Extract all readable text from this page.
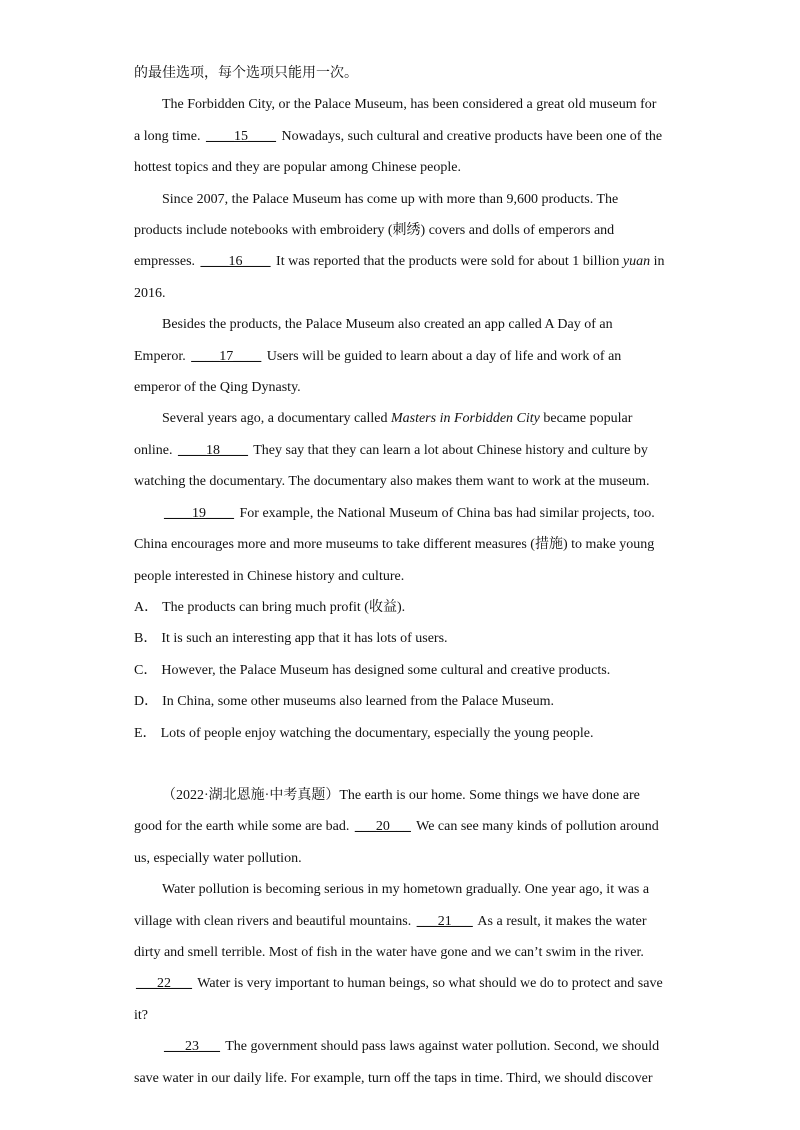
的最佳选项，每个选项只能用一次。

The Forbidden City, or the Palace Museum, has been considered a great old museum for a long time. ____15____ Nowadays, such cultural and creative products have been one of the hottest topics and they are popular among Chinese people.

Since 2007, the Palace Museum has come up with more than 9,600 products. The products include notebooks with embroidery (刺绣) covers and dolls of emperors and empresses. ____16____ It was reported that the products were sold for about 1 billion yuan in 2016.

Besides the products, the Palace Museum also created an app called A Day of an Emperor. ____17____ Users will be guided to learn about a day of life and work of an emperor of the Qing Dynasty.

Several years ago, a documentary called Masters in Forbidden City became popular online. ____18____ They say that they can learn a lot about Chinese history and culture by watching the documentary. The documentary also makes them want to work at the museum.

____19____ For example, the National Museum of China bas had similar projects, too. China encourages more and more museums to take different measures (措施) to make young people interested in Chinese history and culture.

A． The products can bring much profit (收益).

B． It is such an interesting app that it has lots of users.

C． However, the Palace Museum has designed some cultural and creative products.

D． In China, some other museums also learned from the Palace Museum.

E． Lots of people enjoy watching the documentary, especially the young people.

（2022·湖北恩施·中考真题）The earth is our home. Some things we have done are good for the earth while some are bad. ___20___ We can see many kinds of pollution around us, especially water pollution.

Water pollution is becoming serious in my hometown gradually. One year ago, it was a village with clean rivers and beautiful mountains. ___21___ As a result, it makes the water dirty and smell terrible. Most of fish in the water have gone and we can’t swim in the river. ___22___ Water is very important to human beings, so what should we do to protect and save it?

___23___ The government should pass laws against water pollution. Second, we should save water in our daily life. For example, turn off the taps in time. Third, we should discover
